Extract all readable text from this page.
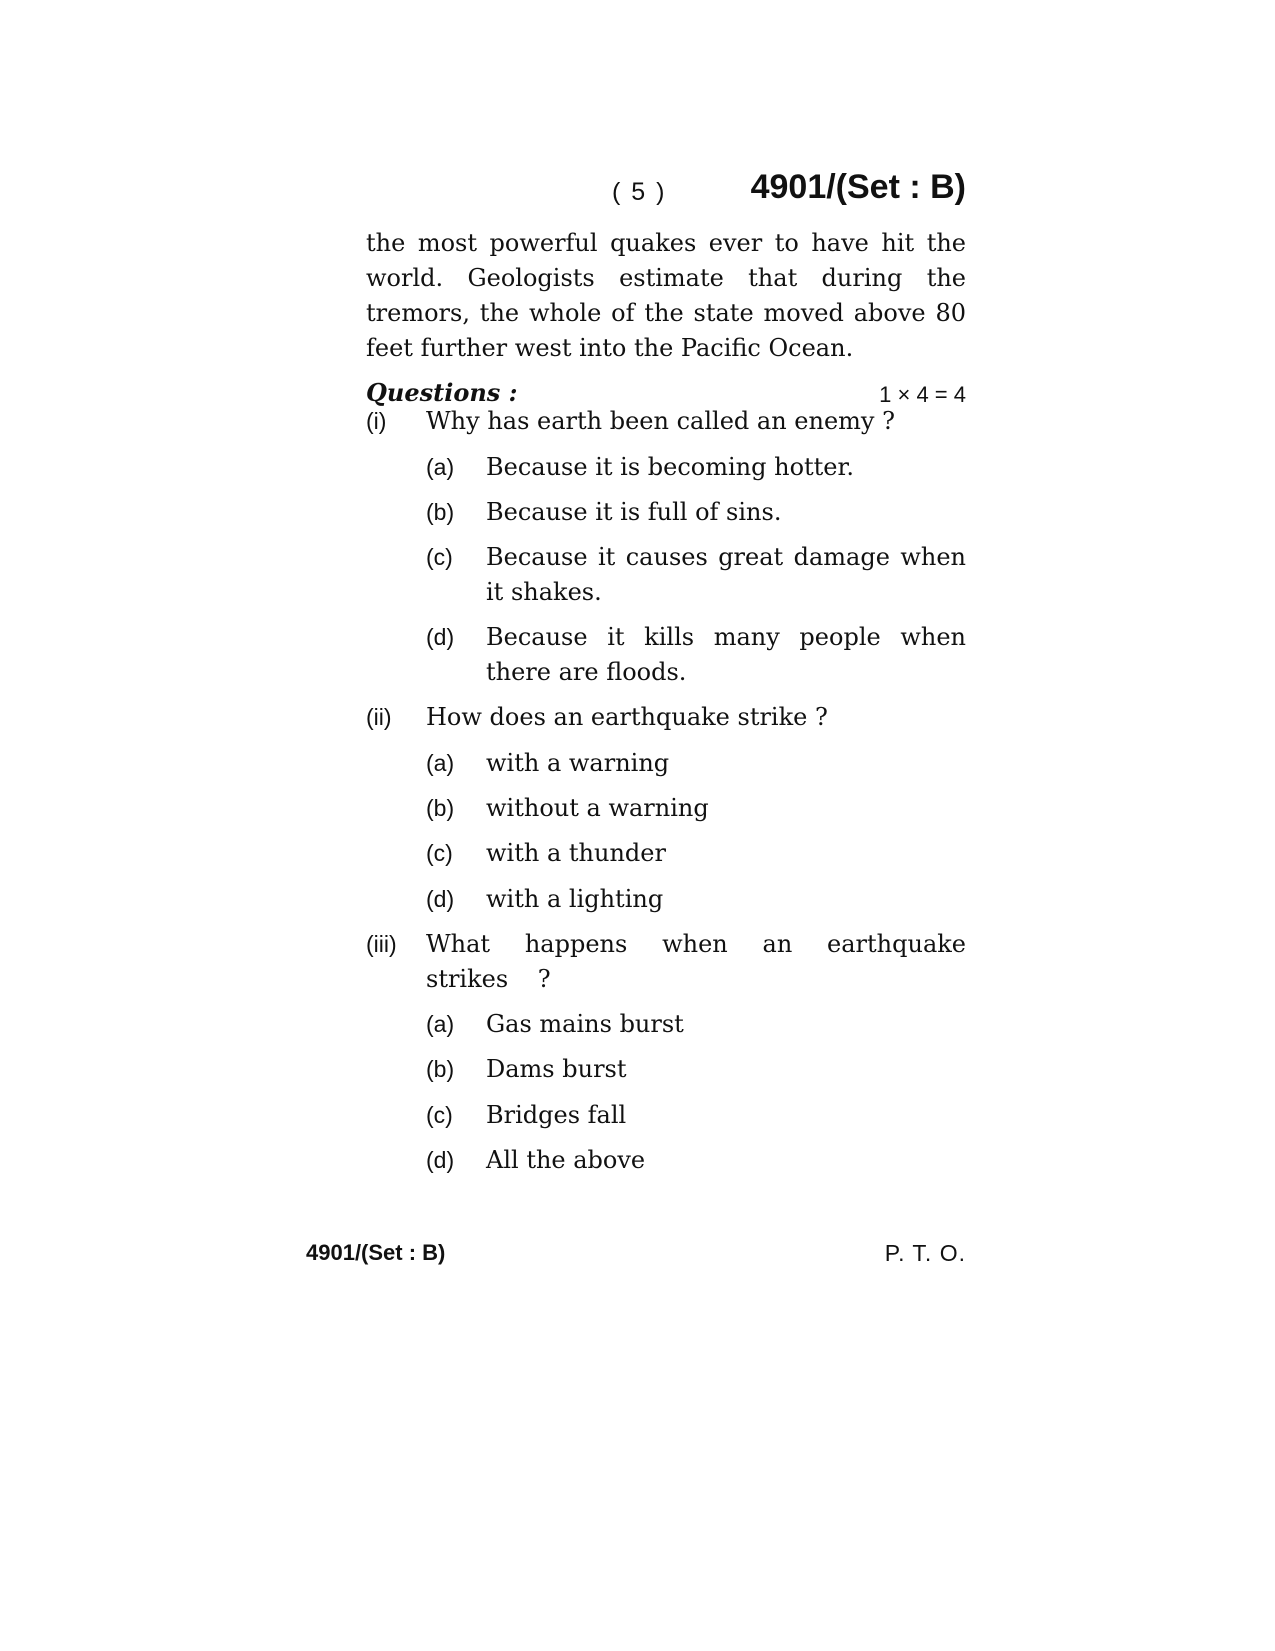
( 5 )	4901/(Set : B)

the most powerful quakes ever to have hit the world. Geologists estimate that during the tremors, the whole of the state moved above 80 feet further west into the Pacific Ocean.

Questions :	1 × 4 = 4
(i) Why has earth been called an enemy ?
(a) Because it is becoming hotter.
(b) Because it is full of sins.
(c) Because it causes great damage when it shakes.
(d) Because it kills many people when there are floods.
(ii) How does an earthquake strike ?
(a) with a warning
(b) without a warning
(c) with a thunder
(d) with a lighting
(iii) What happens when an earthquake strikes ?
(a) Gas mains burst
(b) Dams burst
(c) Bridges fall
(d) All the above
4901/(Set : B)	P. T. O.
